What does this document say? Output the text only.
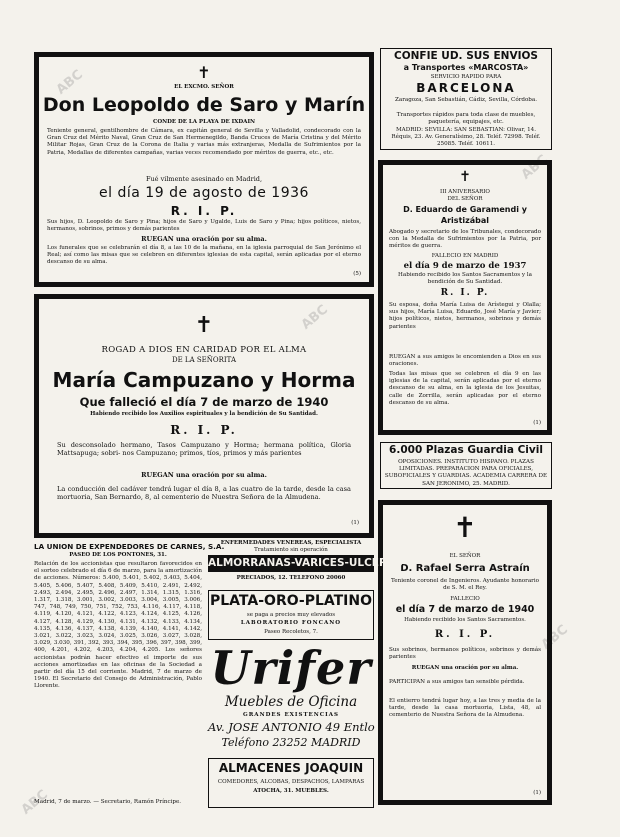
ABC
ABC
ABC
ABC
ABC
✝
EL EXCMO. SEÑOR
Don Leopoldo de Saro y Marín
CONDE DE LA PLAYA DE IXDAIN
Teniente general, gentilhombre de Cámara, ex capitán general de Sevilla y Valladolid, condecorado con la Gran Cruz del Mérito Naval, Gran Cruz de San Hermenegildo, Banda Cruces de María Cristina y del Mérito Militar Rojas, Gran Cruz de la Corona de Italia y varias más extranjeras, Medalla de Sufrimientos por la Patria, Medallas de diferentes campañas, varias veces recomendado por méritos de guerra, etc., etc.
Fué vilmente asesinado en Madrid,
el día 19 de agosto de 1936
R. I. P.
Sus hijos, D. Leopoldo de Saro y Pina; hijos de Saro y Ugalde, Luis de Saro y Pina; hijos políticos, nietos, hermanos, sobrinos, primos y demás parientes
RUEGAN una oración por su alma.
Los funerales que se celebrarán el día 8, a las 10 de la mañana, en la iglesia parroquial de San Jerónimo el Real; así como las misas que se celebren en diferentes iglesias de esta capital, serán aplicadas por el eterno descanso de su alma.
(5)
✝
ROGAD A DIOS EN CARIDAD POR EL ALMA
DE LA SEÑORITA
María Campuzano y Horma
Que falleció el día 7 de marzo de 1940
Habiendo recibido los Auxilios espirituales y la bendición de Su Santidad.
R. I. P.
Su desconsolado hermano, Tasos Campuzano y Horma; hermana política, Gloria Mattsapuga; sobri- nos Campuzano; primos, tíos, primos y más parientes
RUEGAN una oración por su alma.
La conducción del cadáver tendrá lugar el día 8, a las cuatro de la tarde, desde la casa mortuoria, San Bernardo, 8, al cementerio de Nuestra Señora de la Almudena.
(1)
CONFIE UD. SUS ENVIOS
a Transportes «MARCOSTA»
SERVICIO RAPIDO PARA
BARCELONA
Zaragoza, San Sebastián, Cádiz, Sevilla, Córdoba.
Transportes rápidos para toda clase de muebles, paquetería, equipajes, etc.
MADRID: SEVILLA: SAN SEBASTIAN: Olivar, 14. Réquis, 23. Av. Generalísimo, 28. Teléf. 72998. Teléf. 25085. Teléf. 10611.
✝
III ANIVERSARIO
DEL SEÑOR
D. Eduardo de Garamendi y Aristizábal
Abogado y secretario de los Tribunales, condecorado con la Medalla de Sufrimientos por la Patria, por méritos de guerra.
FALLECIO EN MADRID
el día 9 de marzo de 1937
Habiendo recibido los Santos Sacramentos y la bendición de Su Santidad.
R. I. P.
Su esposa, doña María Luisa de Arístegui y Olalla; sus hijos, María Luisa, Eduardo, José María y Javier; hijos políticos, nietos, hermanos, sobrinos y demás parientes
RUEGAN a sus amigos le encomienden a Dios en sus oraciones.
Todas las misas que se celebren el día 9 en las iglesias de la capital, serán aplicadas por el eterno descanso de su alma, en la iglesia de los Jesuitas, calle de Zorrilla, serán aplicadas por el eterno descanso de su alma.
(1)
6.000 Plazas Guardia Civil
OPOSICIONES. INSTITUTO HISPANO. PLAZAS LIMITADAS. PREPARACION PARA OFICIALES, SUBOFICIALES Y GUARDIAS. ACADEMIA CARRERA DE SAN JERONIMO, 25. MADRID.
✝
EL SEÑOR
D. Rafael Serra Astraín
Teniente coronel de Ingenieros. Ayudante honorario de S. M. el Rey.
FALLECIO
el día 7 de marzo de 1940
Habiendo recibido los Santos Sacramentos.
R. I. P.
Sus sobrinos, hermanos políticos, sobrinos y demás parientes
RUEGAN una oración por su alma.
PARTICIPAN a sus amigos tan sensible pérdida.
El entierro tendrá lugar hoy, a las tres y media de la tarde, desde la casa mortuoria, Lista, 48, al cementerio de Nuestra Señora de la Almudena.
(1)
LA UNION DE EXPENDEDORES DE CARNES, S.A.
PASEO DE LOS PONTONES, 31.
Relación de los accionistas que resultaron favorecidos en el sorteo celebrado el día 6 de marzo, para la amortización de acciones. Números: 5.400, 5.401, 5.402, 5.403, 5.404, 5.405, 5.406, 5.407, 5.408, 5.409, 5.410, 2.491, 2.492, 2.493, 2.494, 2.495, 2.496, 2.497, 1.314, 1.315, 1.316, 1.317, 1.318, 3.001, 3.002, 3.003, 3.004, 3.005, 3.006, 747, 748, 749, 750, 751, 752, 753, 4.116, 4.117, 4.118, 4.119, 4.120, 4.121, 4.122, 4.123, 4.124, 4.125, 4.126, 4.127, 4.128, 4.129, 4.130, 4.131, 4.132, 4.133, 4.134, 4.135, 4.136, 4.137, 4.138, 4.139, 4.140, 4.141, 4.142, 3.021, 3.022, 3.023, 3.024, 3.025, 3.026, 3.027, 3.028, 3.029, 3.030, 391, 392, 393, 394, 395, 396, 397, 398, 399, 400, 4.201, 4.202, 4.203, 4.204, 4.205. Los señores accionistas podrán hacer efectivo el importe de sus acciones amortizadas en las oficinas de la Sociedad a partir del día 15 del corriente. Madrid, 7 de marzo de 1940. El Secretario del Consejo de Administración, Pablo Llorente.
Madrid, 7 de marzo. — Secretario, Ramón Príncipe.
ENFERMEDADES VENEREAS, ESPECIALISTA
Tratamiento sin operación
ALMORRANAS-VARICES-ULCERAS
PRECIADOS, 12. TELEFONO 20060
PLATA-ORO-PLATINO
se paga a precios muy elevados
LABORATORIO FONCANO
Paseo Recoletos, 7.
Urifer
Muebles de Oficina
GRANDES EXISTENCIAS
Av. JOSE ANTONIO 49 Entlo
Teléfono 23252 MADRID
ALMACENES JOAQUIN
COMEDORES, ALCOBAS, DESPACHOS, LAMPARAS
ATOCHA, 31. MUEBLES.
